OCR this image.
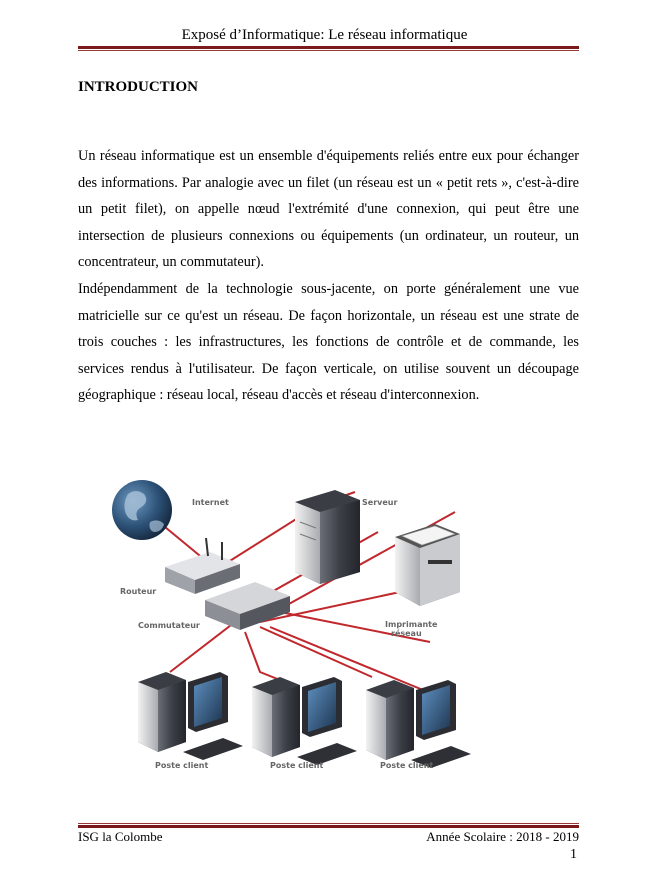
Exposé d’Informatique: Le réseau informatique
INTRODUCTION

Un réseau informatique est un ensemble d'équipements reliés entre eux pour échanger des informations. Par analogie avec un filet (un réseau est un « petit rets », c'est-à-dire un petit filet), on appelle nœud l'extrémité d'une connexion, qui peut être une intersection de plusieurs connexions ou équipements (un ordinateur, un routeur, un concentrateur, un commutateur).

Indépendamment de la technologie sous-jacente, on porte généralement une vue matricielle sur ce qu'est un réseau. De façon horizontale, un réseau est une strate de trois couches : les infrastructures, les fonctions de contrôle et de commande, les services rendus à l'utilisateur. De façon verticale, on utilise souvent un découpage géographique : réseau local, réseau d'accès et réseau d'interconnexion.

Internet	Serveur
Routeur
Commutateur	Imprimante
réseau
Poste client	Poste client	Poste client
ISG la Colombe	Année Scolaire : 2018 - 2019
1
